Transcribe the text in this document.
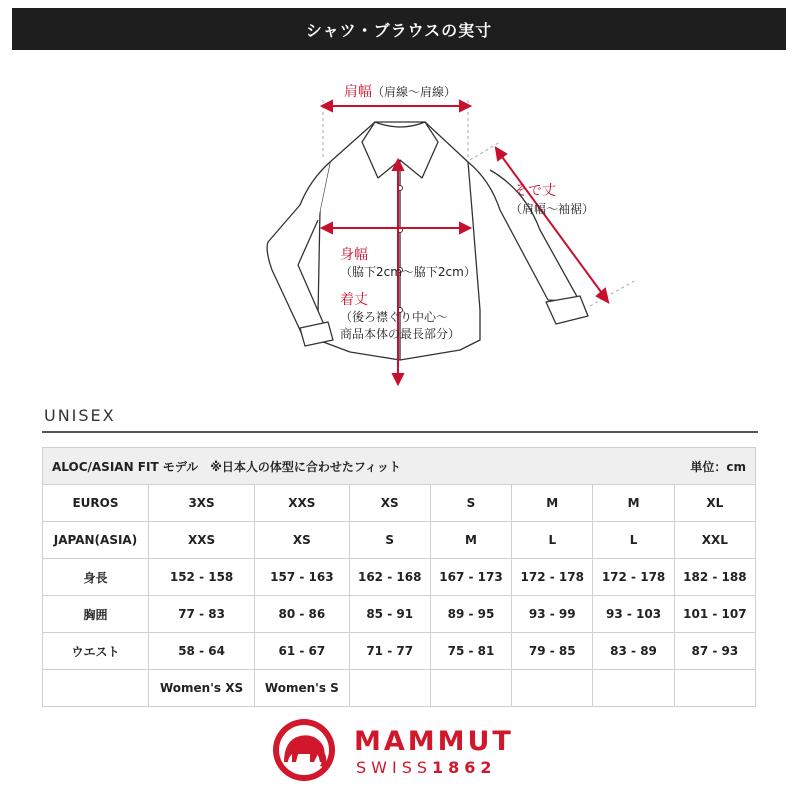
シャツ・ブラウスの実寸
肩幅 （肩線～肩線）
そで丈
（肩幅～袖裾）
身幅
（脇下2cm～脇下2cm）
着丈
（後ろ襟ぐり中心～
商品本体の最長部分）
UNISEX
ALOC/ASIAN FIT モデル　※日本人の体型に合わせたフィット 単位：cm							

EUROS	3XS	XXS	XS	S	M	M	XL
JAPAN(ASIA)	XXS	XS	S	M	L	L	XXL
身長	152 - 158	157 - 163	162 - 168	167 - 173	172 - 178	172 - 178	182 - 188
胸囲	77 - 83	80 - 86	85 - 91	89 - 95	93 - 99	93 - 103	101 - 107
ウエスト	58 - 64	61 - 67	71 - 77	75 - 81	79 - 85	83 - 89	87 - 93
	Women's XS	Women's S					
MAMMUT
SWISS1862
